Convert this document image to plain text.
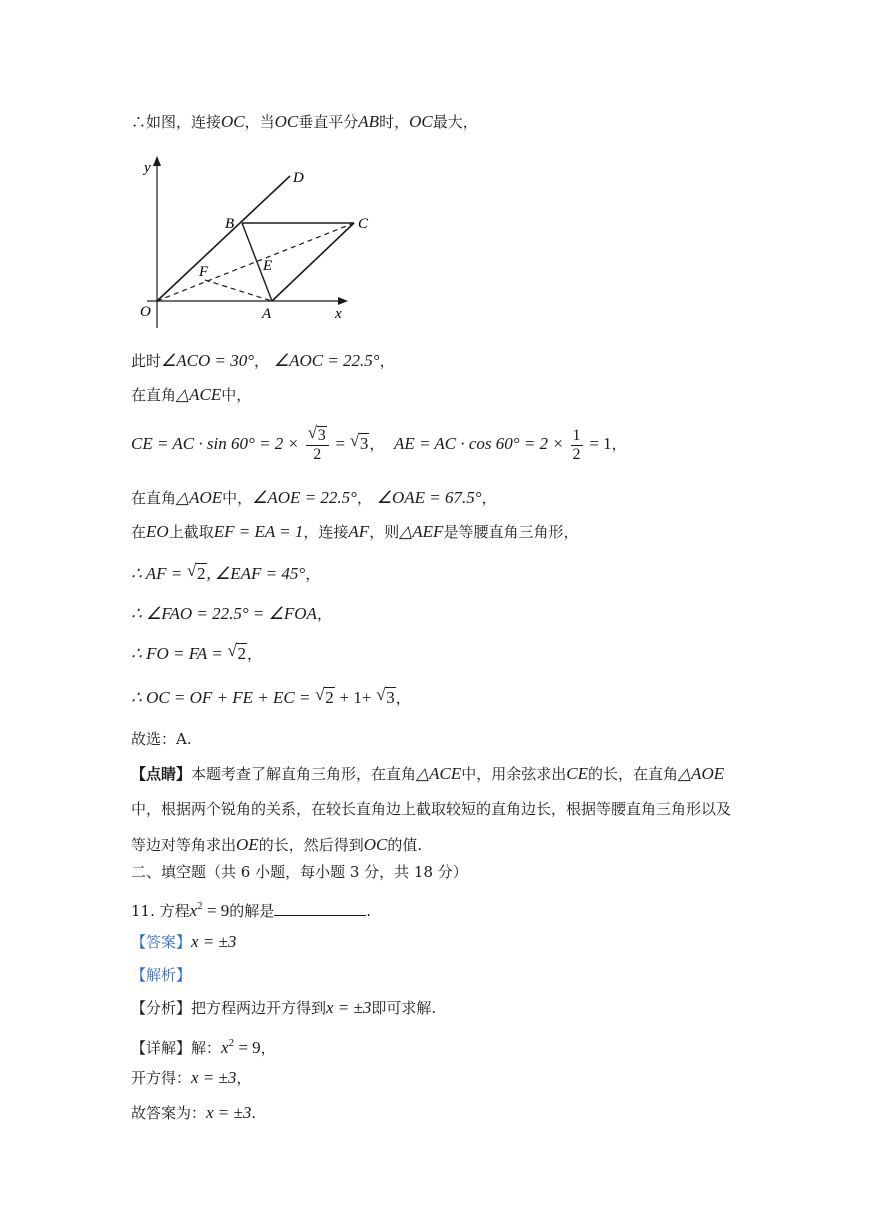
∴如图，连接OC，当OC垂直平分AB时，OC最大，
y
x
O	A
B	C
D
E
F
此时∠ACO = 30°， ∠AOC = 22.5°，
在直角△ACE中，
CE = AC · $\sin 60^\circ = 2 \times \frac{√ 3}{2}$ = √ 3， AE = AC · $\cos 60^\circ = 2 \times \frac{1}{2} = 1$，
在直角△AOE中，∠AOE = 22.5°， ∠OAE = 67.5°，
在EO上截取EF = EA = 1，连接AF，则△AEF是等腰直角三角形，
∴ AF = √ 2, ∠EAF = 45°，
∴ ∠FAO = 22.5° = ∠FOA，
∴ FO = FA = √ 2，
∴ OC = OF + FE + EC = √ 2 + 1+ √ 3，
故选：A.
【点睛】本题考查了解直角三角形，在直角△ACE中，用余弦求出CE的长，在直角△AOE
中，根据两个锐角的关系，在较长直角边上截取较短的直角边长，根据等腰直角三角形以及
等边对等角求出OE的长，然后得到OC的值.
二、填空题（共 6 小题，每小题 3 分，共 18 分）
11. 方程$x^2 = 9$的解是	.
【答案】x = ±3
【解析】
【分析】把方程两边开方得到x = ±3即可求解.
【详解】解：$x^2 = 9$，
开方得：x = ±3，
故答案为：x = ±3.
